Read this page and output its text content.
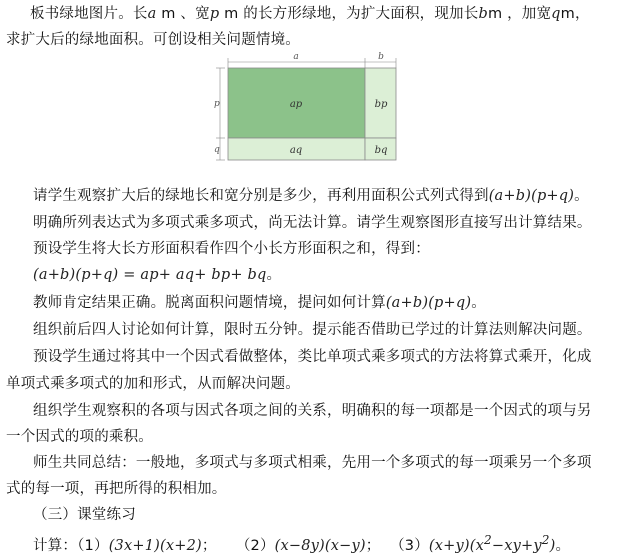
板书绿地图片。长a m 、宽p m 的长方形绿地，为扩大面积，现加长bm ，加宽qm，
求扩大后的绿地面积。可创设相关问题情境。
a	b
p
q
ap	bp
aq	bq
请学生观察扩大后的绿地长和宽分别是多少，再利用面积公式列式得到(a+b)(p+q)。
明确所列表达式为多项式乘多项式，尚无法计算。请学生观察图形直接写出计算结果。
预设学生将大长方形面积看作四个小长方形面积之和，得到：
(a+b)(p+q) = ap+ aq+ bp+ bq。
教师肯定结果正确。脱离面积问题情境，提问如何计算(a+b)(p+q)。
组织前后四人讨论如何计算，限时五分钟。提示能否借助已学过的计算法则解决问题。
预设学生通过将其中一个因式看做整体，类比单项式乘多项式的方法将算式乘开，化成
单项式乘多项式的加和形式，从而解决问题。
组织学生观察积的各项与因式各项之间的关系，明确积的每一项都是一个因式的项与另
一个因式的项的乘积。
师生共同总结：一般地，多项式与多项式相乘，先用一个多项式的每一项乘另一个多项
式的每一项，再把所得的积相加。
（三）课堂练习
计算：（1）(3x+1)(x+2)； （2）(x−8y)(x−y)； $(3)(x+y)(x^2-xy+y^2)$。
